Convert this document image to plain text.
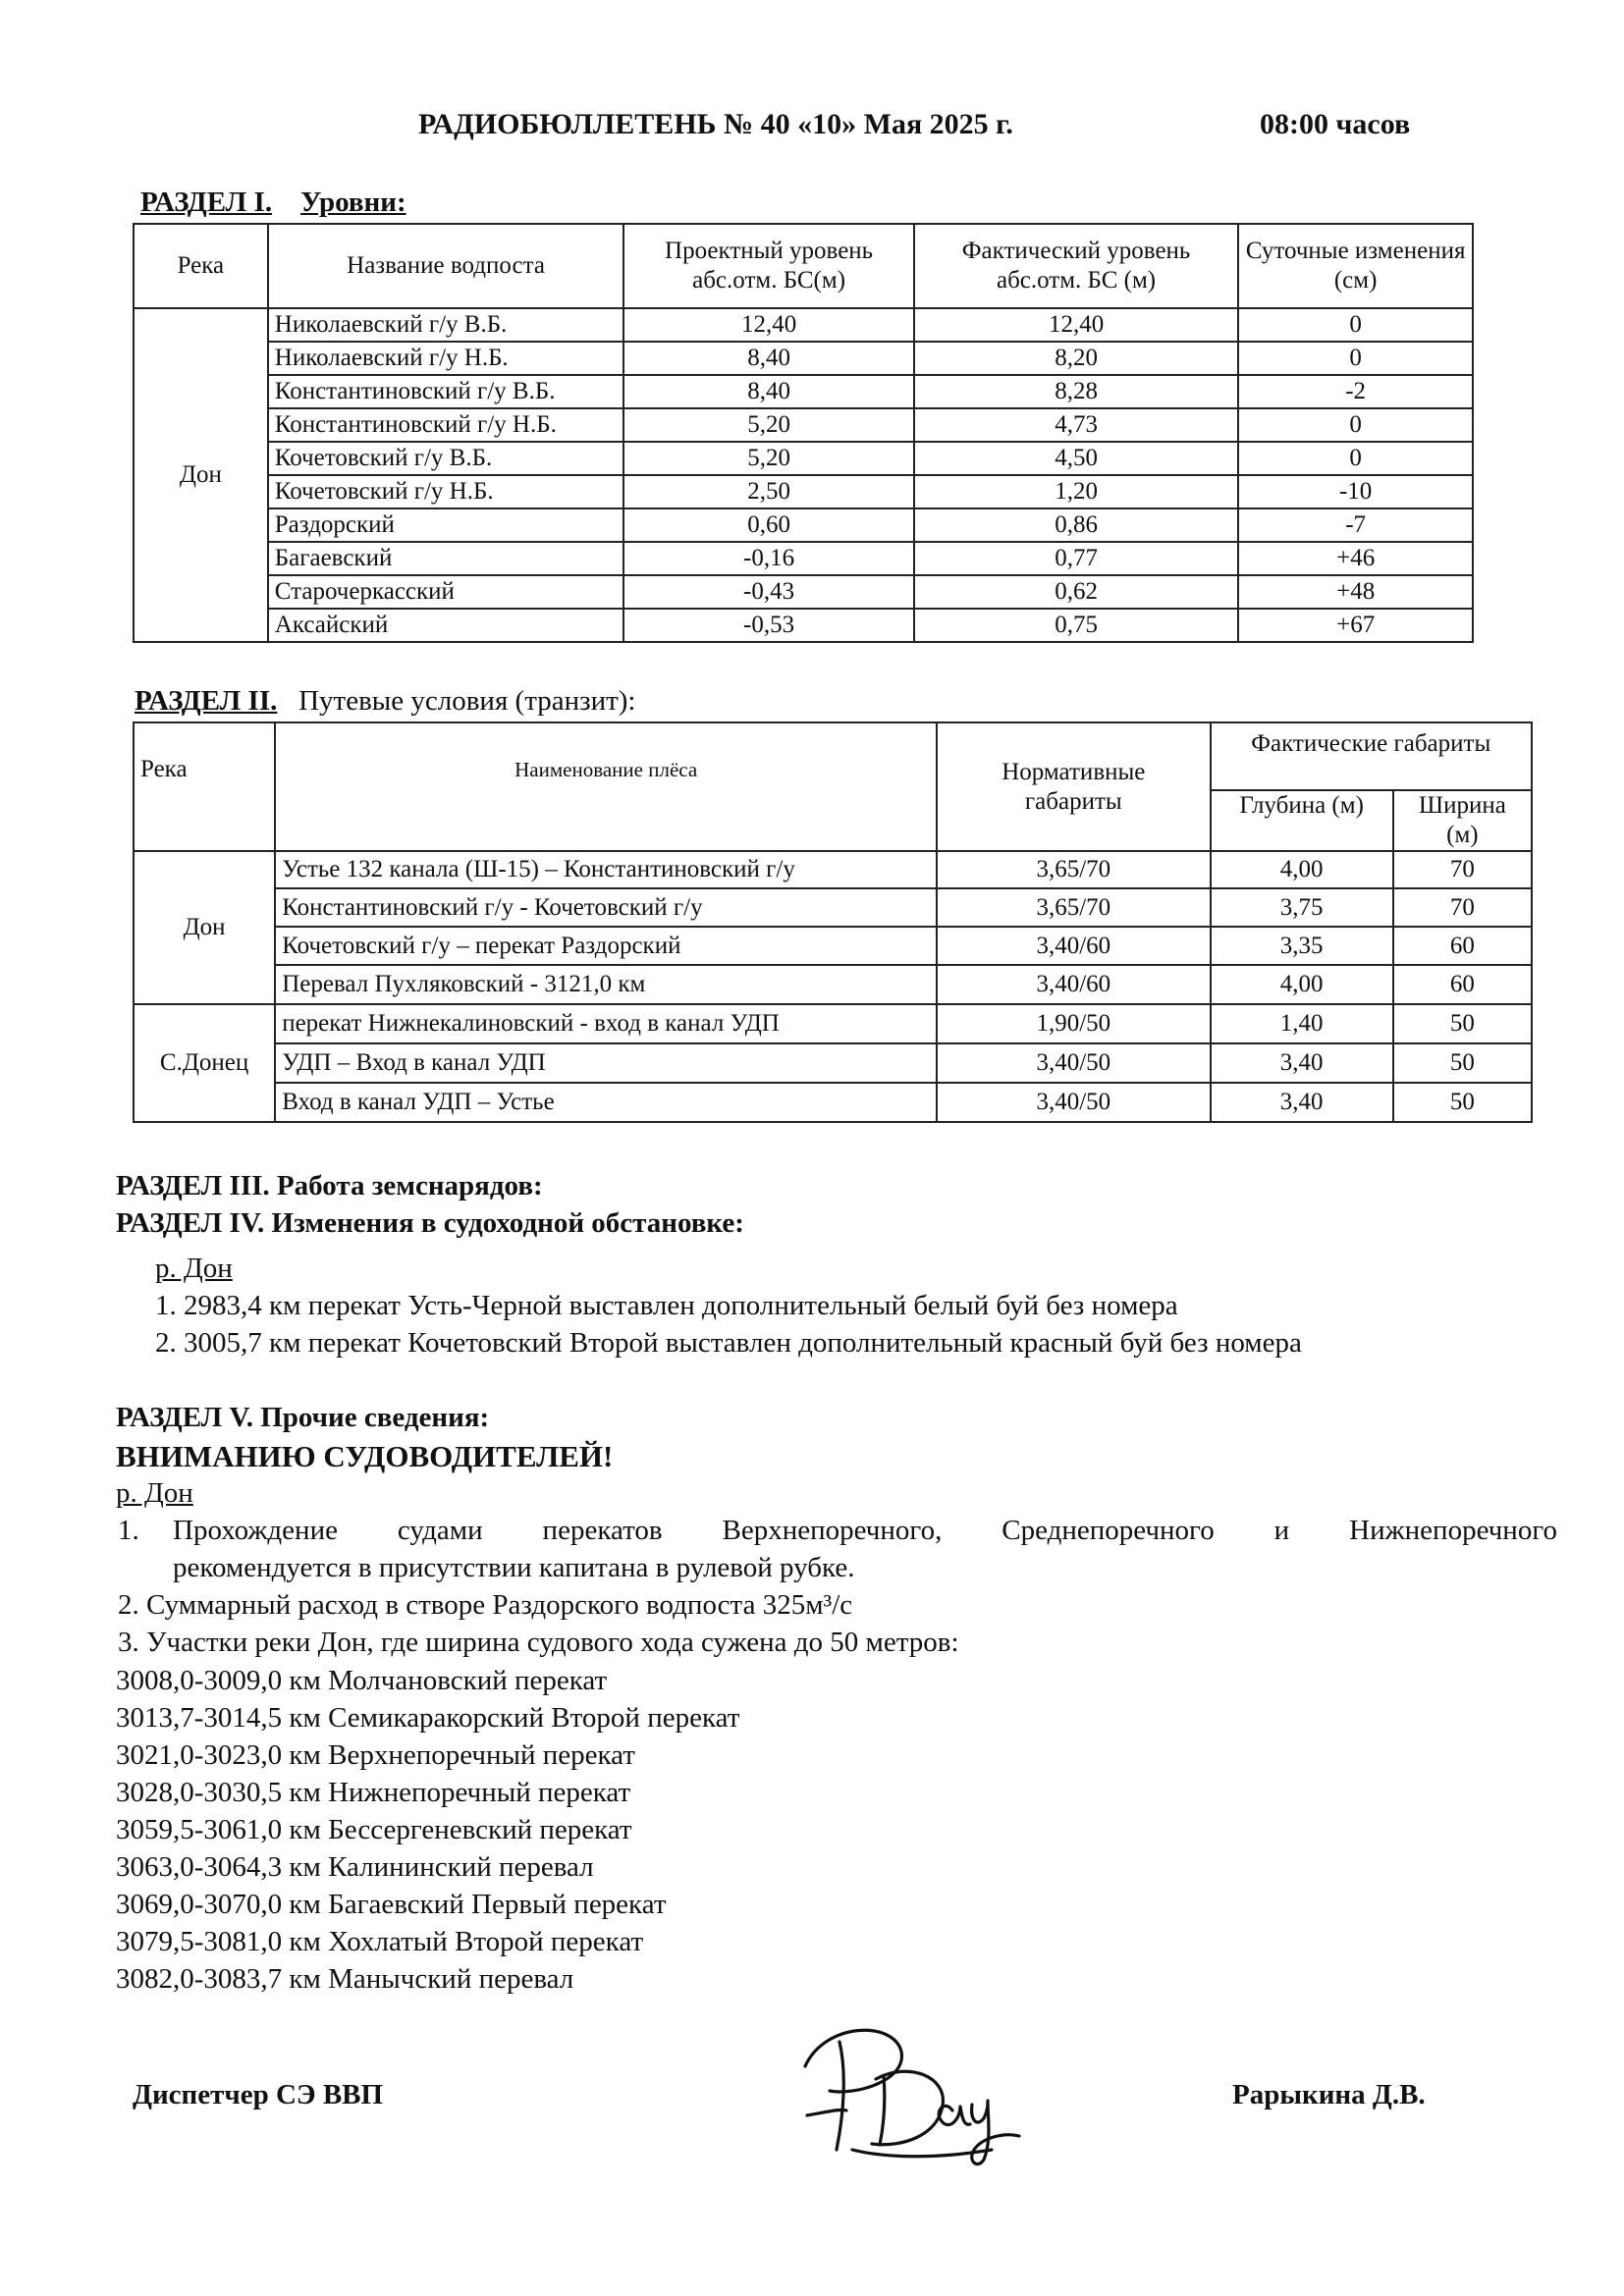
РАДИОБЮЛЛЕТЕНЬ № 40 «10» Мая 2025 г.	08:00 часов
РАЗДЕЛ I. Уровни:
Река	Название водпоста	Проектный уровень абс.отм. БС(м)	Фактический уровень абс.отм. БС (м)	Суточные изменения (см)
Дон	Николаевский г/у В.Б.	12,40	12,40	0
	Николаевский г/у Н.Б.	8,40	8,20	0
	Константиновский г/у В.Б.	8,40	8,28	-2
	Константиновский г/у Н.Б.	5,20	4,73	0
	Кочетовский г/у В.Б.	5,20	4,50	0
	Кочетовский г/у Н.Б.	2,50	1,20	-10
	Раздорский	0,60	0,86	-7
	Багаевский	-0,16	0,77	+46
	Старочеркасский	-0,43	0,62	+48
	Аксайский	-0,53	0,75	+67
РАЗДЕЛ II. Путевые условия (транзит):
Река	Наименование плёса	Нормативные габариты	Фактические габариты	
			Глубина (м)	Ширина (м)
Дон	Устье 132 канала (Ш-15) – Константиновский г/у	3,65/70	4,00	70
	Константиновский г/у - Кочетовский г/у	3,65/70	3,75	70
	Кочетовский г/у – перекат Раздорский	3,40/60	3,35	60
	Перевал Пухляковский - 3121,0 км	3,40/60	4,00	60
С.Донец	перекат Нижнекалиновский - вход в канал УДП	1,90/50	1,40	50
	УДП – Вход в канал УДП	3,40/50	3,40	50
	Вход в канал УДП – Устье	3,40/50	3,40	50
РАЗДЕЛ III. Работа земснарядов:
РАЗДЕЛ IV. Изменения в судоходной обстановке:
р. Дон
1. 2983,4 км перекат Усть-Черной выставлен дополнительный белый буй без номера
2. 3005,7 км перекат Кочетовский Второй выставлен дополнительный красный буй без номера
РАЗДЕЛ V. Прочие сведения:
ВНИМАНИЮ СУДОВОДИТЕЛЕЙ!
р. Дон
1. Прохождение судами перекатов Верхнепоречного, Среднепоречного и Нижнепоречного
рекомендуется в присутствии капитана в рулевой рубке.
2. Суммарный расход в створе Раздорского водпоста 325м³/с
3. Участки реки Дон, где ширина судового хода сужена до 50 метров:
3008,0-3009,0 км Молчановский перекат
3013,7-3014,5 км Семикаракорский Второй перекат
3021,0-3023,0 км Верхнепоречный перекат
3028,0-3030,5 км Нижнепоречный перекат
3059,5-3061,0 км Бессергеневский перекат
3063,0-3064,3 км Калининский перевал
3069,0-3070,0 км Багаевский Первый перекат
3079,5-3081,0 км Хохлатый Второй перекат
3082,0-3083,7 км Манычский перевал
Диспетчер СЭ ВВП	Рарыкина Д.В.
